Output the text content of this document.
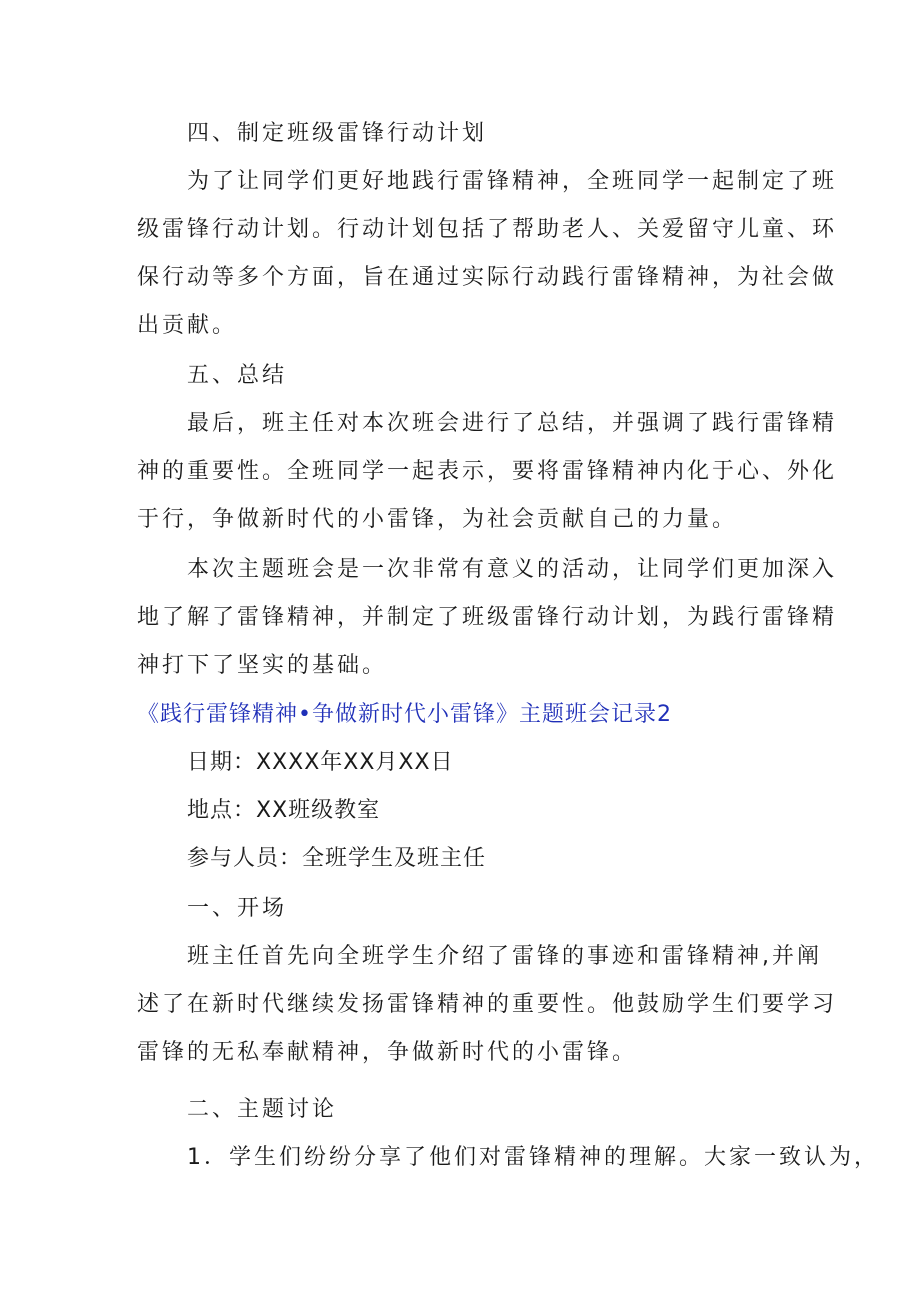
四、制定班级雷锋行动计划
为了让同学们更好地践行雷锋精神，全班同学一起制定了班
级雷锋行动计划。行动计划包括了帮助老人、关爱留守儿童、环
保行动等多个方面，旨在通过实际行动践行雷锋精神，为社会做
出贡献。
五、总结
最后，班主任对本次班会进行了总结，并强调了践行雷锋精
神的重要性。全班同学一起表示，要将雷锋精神内化于心、外化
于行，争做新时代的小雷锋，为社会贡献自己的力量。
本次主题班会是一次非常有意义的活动，让同学们更加深入
地了解了雷锋精神，并制定了班级雷锋行动计划，为践行雷锋精
神打下了坚实的基础。
《践行雷锋精神•争做新时代小雷锋》主题班会记录2
日期：XXXX年XX月XX日
地点：XX班级教室
参与人员：全班学生及班主任
一、开场
班主任首先向全班学生介绍了雷锋的事迹和雷锋精神,并阐
述了在新时代继续发扬雷锋精神的重要性。他鼓励学生们要学习
雷锋的无私奉献精神，争做新时代的小雷锋。
二、主题讨论
1．学生们纷纷分享了他们对雷锋精神的理解。大家一致认为，
